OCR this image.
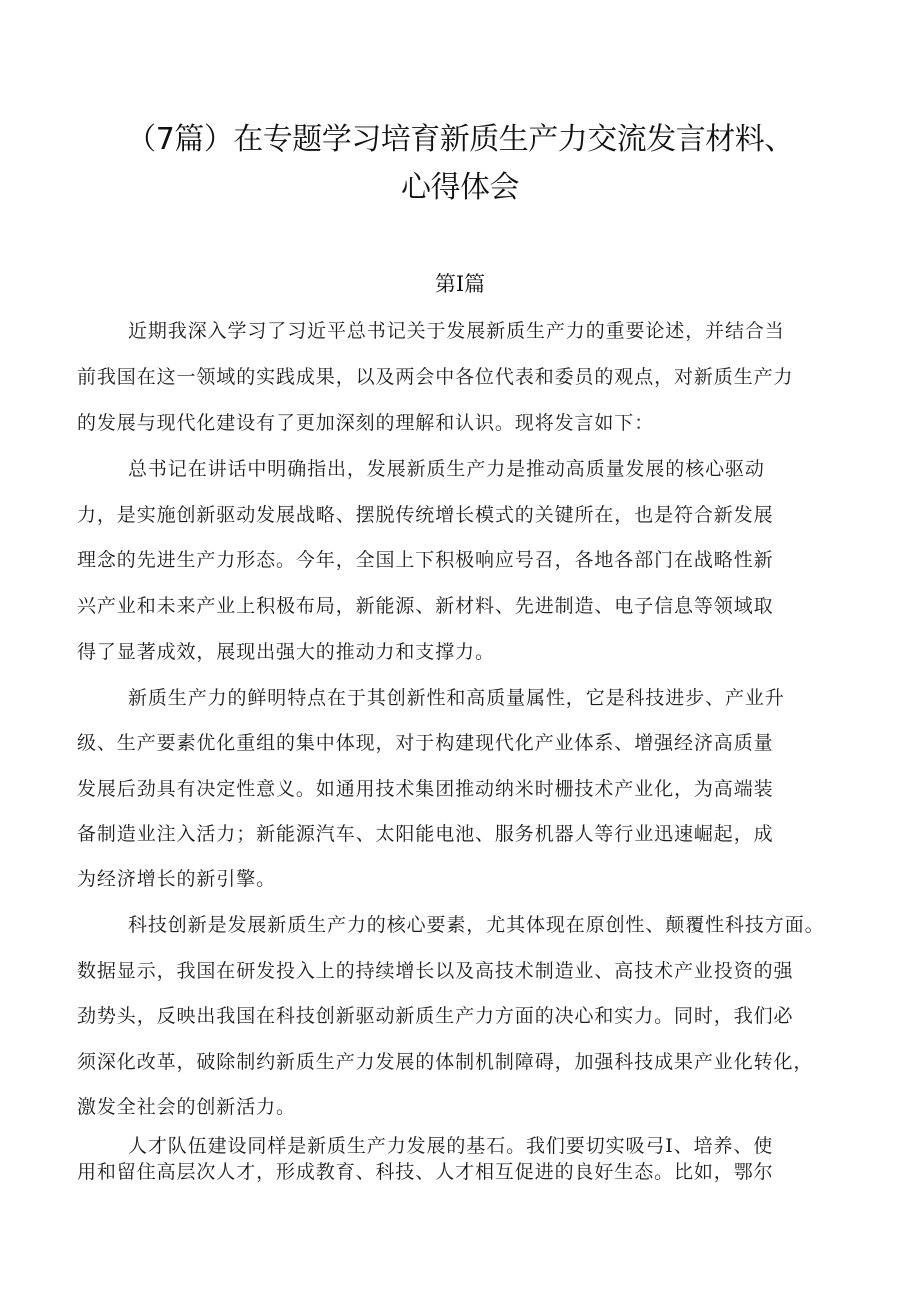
（7篇）在专题学习培育新质生产力交流发言材料、
心得体会
第Ⅰ篇
近期我深入学习了习近平总书记关于发展新质生产力的重要论述，并结合当
前我国在这一领域的实践成果，以及两会中各位代表和委员的观点，对新质生产力
的发展与现代化建设有了更加深刻的理解和认识。现将发言如下：
总书记在讲话中明确指出，发展新质生产力是推动高质量发展的核心驱动
力，是实施创新驱动发展战略、摆脱传统增长模式的关键所在，也是符合新发展
理念的先进生产力形态。今年，全国上下积极响应号召，各地各部门在战略性新
兴产业和未来产业上积极布局，新能源、新材料、先进制造、电子信息等领域取
得了显著成效，展现出强大的推动力和支撑力。
新质生产力的鲜明特点在于其创新性和高质量属性，它是科技进步、产业升
级、生产要素优化重组的集中体现，对于构建现代化产业体系、增强经济高质量
发展后劲具有决定性意义。如通用技术集团推动纳米时栅技术产业化，为高端装
备制造业注入活力；新能源汽车、太阳能电池、服务机器人等行业迅速崛起，成
为经济增长的新引擎。
科技创新是发展新质生产力的核心要素，尤其体现在原创性、颠覆性科技方面。
数据显示，我国在研发投入上的持续增长以及高技术制造业、高技术产业投资的强
劲势头，反映出我国在科技创新驱动新质生产力方面的决心和实力。同时，我们必
须深化改革，破除制约新质生产力发展的体制机制障碍，加强科技成果产业化转化，
激发全社会的创新活力。
人才队伍建设同样是新质生产力发展的基石。我们要切实吸弓Ⅰ、培养、使
用和留住高层次人才，形成教育、科技、人才相互促进的良好生态。比如，鄂尔
